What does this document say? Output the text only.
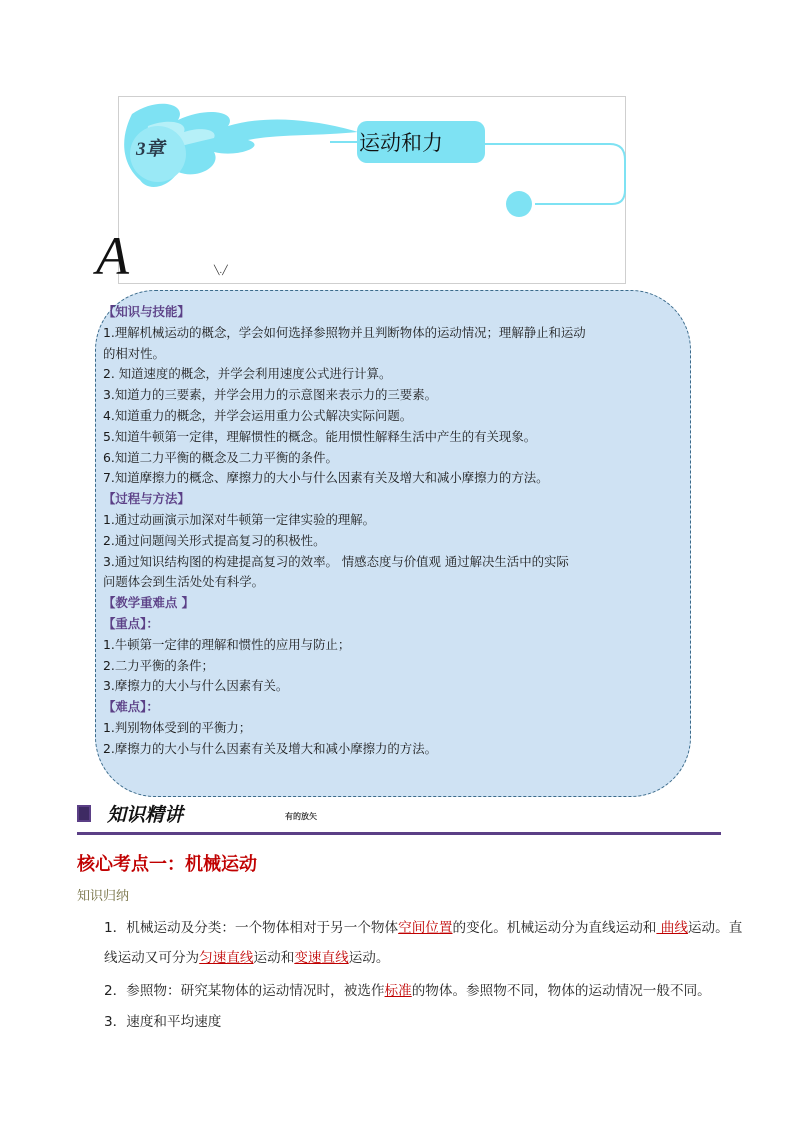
3章	运动和力
A	╲.╱
【知识与技能】
1.理解机械运动的概念，学会如何选择参照物并且判断物体的运动情况；理解静止和运动
的相对性。
2. 知道速度的概念，并学会利用速度公式进行计算。
3.知道力的三要素，并学会用力的示意图来表示力的三要素。
4.知道重力的概念，并学会运用重力公式解决实际问题。
5.知道牛顿第一定律，理解惯性的概念。能用惯性解释生活中产生的有关现象。
6.知道二力平衡的概念及二力平衡的条件。
7.知道摩擦力的概念、摩擦力的大小与什么因素有关及增大和减小摩擦力的方法。
【过程与方法】
1.通过动画演示加深对牛顿第一定律实验的理解。
2.通过问题闯关形式提高复习的积极性。
3.通过知识结构图的构建提高复习的效率。 情感态度与价值观 通过解决生活中的实际
问题体会到生活处处有科学。
【教学重难点 】
【重点】：
1.牛顿第一定律的理解和惯性的应用与防止；
2.二力平衡的条件；
3.摩擦力的大小与什么因素有关。
【难点】：
1.判别物体受到的平衡力；
2.摩擦力的大小与什么因素有关及增大和减小摩擦力的方法。
知识精讲	有的放矢
核心考点一：机械运动
知识归纳
1．机械运动及分类：一个物体相对于另一个物体空间位置的变化。机械运动分为直线运动和 曲线运动。直线运动又可分为匀速直线运动和变速直线运动。
2．参照物：研究某物体的运动情况时，被选作标准的物体。参照物不同，物体的运动情况一般不同。
3．速度和平均速度
